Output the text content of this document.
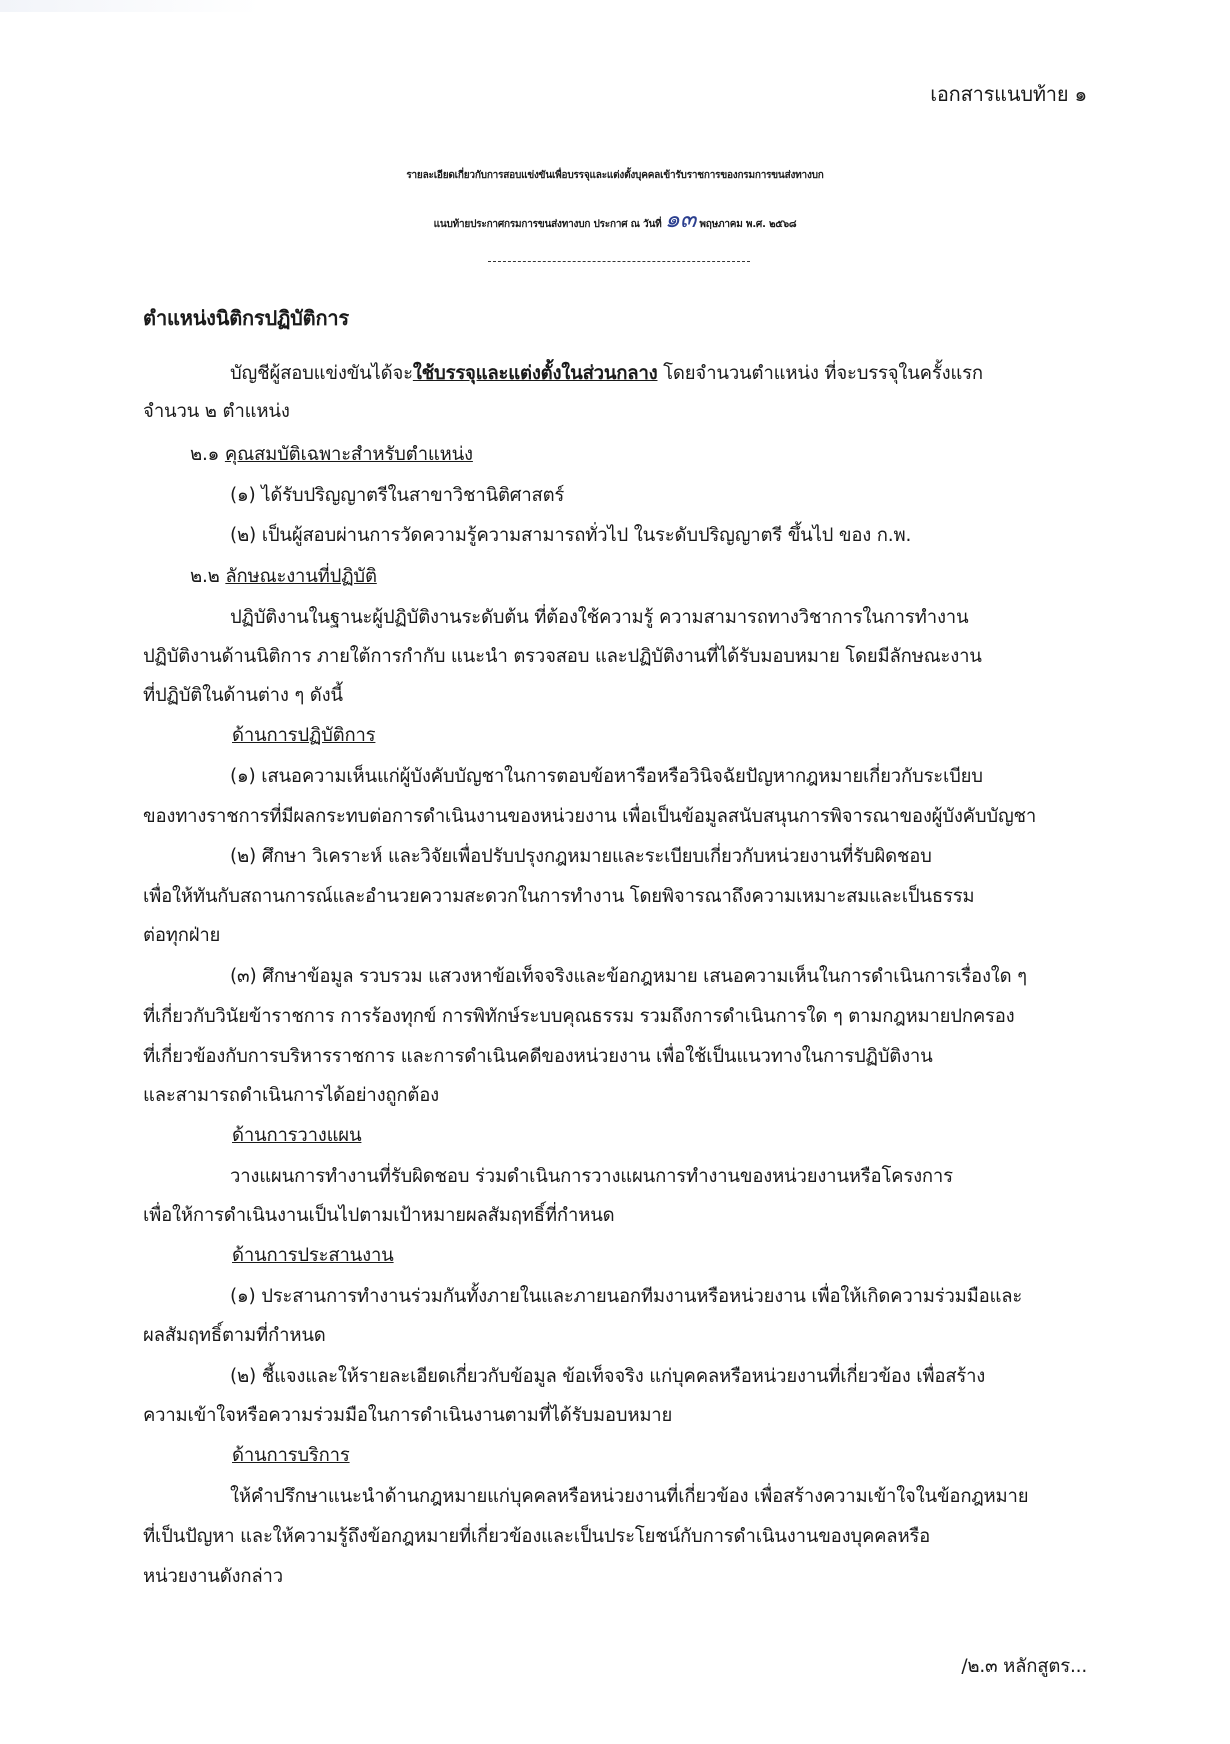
เอกสารแนบท้าย ๑
รายละเอียดเกี่ยวกับการสอบแข่งขันเพื่อบรรจุและแต่งตั้งบุคคลเข้ารับราชการของกรมการขนส่งทางบก
แนบท้ายประกาศกรมการขนส่งทางบก ประกาศ ณ วันที่ ๑๓ พฤษภาคม พ.ศ. ๒๕๖๘
ตำแหน่งนิติกรปฏิบัติการ
บัญชีผู้สอบแข่งขันได้จะใช้บรรจุและแต่งตั้งในส่วนกลาง โดยจำนวนตำแหน่ง ที่จะบรรจุในครั้งแรก
จำนวน ๒ ตำแหน่ง
๒.๑ คุณสมบัติเฉพาะสำหรับตำแหน่ง
(๑) ได้รับปริญญาตรีในสาขาวิชานิติศาสตร์
(๒) เป็นผู้สอบผ่านการวัดความรู้ความสามารถทั่วไป ในระดับปริญญาตรี ขึ้นไป ของ ก.พ.
๒.๒ ลักษณะงานที่ปฏิบัติ
ปฏิบัติงานในฐานะผู้ปฏิบัติงานระดับต้น ที่ต้องใช้ความรู้ ความสามารถทางวิชาการในการทำงาน
ปฏิบัติงานด้านนิติการ ภายใต้การกำกับ แนะนำ ตรวจสอบ และปฏิบัติงานที่ได้รับมอบหมาย โดยมีลักษณะงาน
ที่ปฏิบัติในด้านต่าง ๆ ดังนี้
ด้านการปฏิบัติการ
(๑) เสนอความเห็นแก่ผู้บังคับบัญชาในการตอบข้อหารือหรือวินิจฉัยปัญหากฎหมายเกี่ยวกับระเบียบ
ของทางราชการที่มีผลกระทบต่อการดำเนินงานของหน่วยงาน เพื่อเป็นข้อมูลสนับสนุนการพิจารณาของผู้บังคับบัญชา
(๒) ศึกษา วิเคราะห์ และวิจัยเพื่อปรับปรุงกฎหมายและระเบียบเกี่ยวกับหน่วยงานที่รับผิดชอบ
เพื่อให้ทันกับสถานการณ์และอำนวยความสะดวกในการทำงาน โดยพิจารณาถึงความเหมาะสมและเป็นธรรม
ต่อทุกฝ่าย
(๓) ศึกษาข้อมูล รวบรวม แสวงหาข้อเท็จจริงและข้อกฎหมาย เสนอความเห็นในการดำเนินการเรื่องใด ๆ
ที่เกี่ยวกับวินัยข้าราชการ การร้องทุกข์ การพิทักษ์ระบบคุณธรรม รวมถึงการดำเนินการใด ๆ ตามกฎหมายปกครอง
ที่เกี่ยวข้องกับการบริหารราชการ และการดำเนินคดีของหน่วยงาน เพื่อใช้เป็นแนวทางในการปฏิบัติงาน
และสามารถดำเนินการได้อย่างถูกต้อง
ด้านการวางแผน
วางแผนการทำงานที่รับผิดชอบ ร่วมดำเนินการวางแผนการทำงานของหน่วยงานหรือโครงการ
เพื่อให้การดำเนินงานเป็นไปตามเป้าหมายผลสัมฤทธิ์ที่กำหนด
ด้านการประสานงาน
(๑) ประสานการทำงานร่วมกันทั้งภายในและภายนอกทีมงานหรือหน่วยงาน เพื่อให้เกิดความร่วมมือและ
ผลสัมฤทธิ์ตามที่กำหนด
(๒) ชี้แจงและให้รายละเอียดเกี่ยวกับข้อมูล ข้อเท็จจริง แก่บุคคลหรือหน่วยงานที่เกี่ยวข้อง เพื่อสร้าง
ความเข้าใจหรือความร่วมมือในการดำเนินงานตามที่ได้รับมอบหมาย
ด้านการบริการ
ให้คำปรึกษาแนะนำด้านกฎหมายแก่บุคคลหรือหน่วยงานที่เกี่ยวข้อง เพื่อสร้างความเข้าใจในข้อกฎหมาย
ที่เป็นปัญหา และให้ความรู้ถึงข้อกฎหมายที่เกี่ยวข้องและเป็นประโยชน์กับการดำเนินงานของบุคคลหรือ
หน่วยงานดังกล่าว
/๒.๓ หลักสูตร...
